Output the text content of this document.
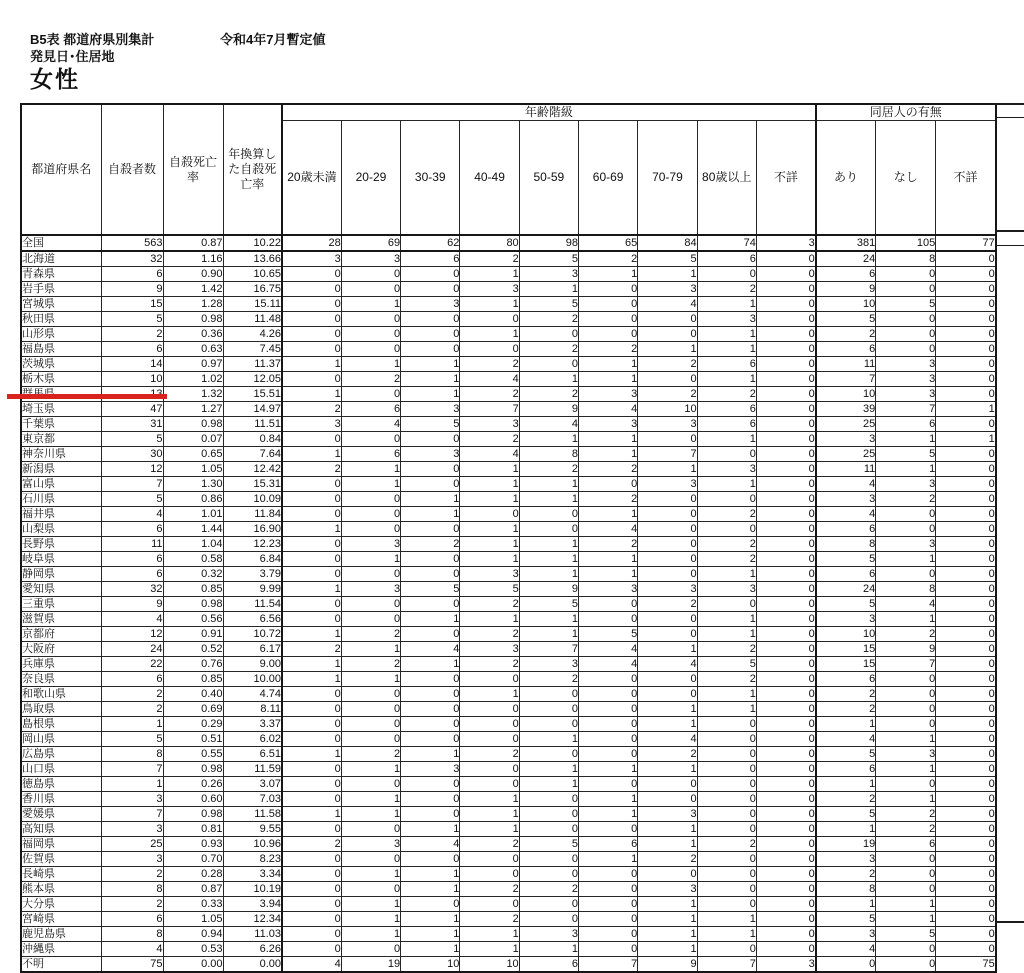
B5表 都道府県別集計	令和4年7月暫定値
発見日･住居地
女性
都道府県名	自殺者数	自殺死亡率	年換算した自殺死亡率	年齢階級									同居人の有無		
				20歳未満	20-29	30-39	40-49	50-59	60-69	70-79	80歳以上	不詳	あり	なし	不詳
全国	563	0.87	10.22	28	69	62	80	98	65	84	74	3	381	105	77
北海道	32	1.16	13.66	3	3	6	2	5	2	5	6	0	24	8	0
青森県	6	0.90	10.65	0	0	0	1	3	1	1	0	0	6	0	0
岩手県	9	1.42	16.75	0	0	0	3	1	0	3	2	0	9	0	0
宮城県	15	1.28	15.11	0	1	3	1	5	0	4	1	0	10	5	0
秋田県	5	0.98	11.48	0	0	0	0	2	0	0	3	0	5	0	0
山形県	2	0.36	4.26	0	0	0	1	0	0	0	1	0	2	0	0
福島県	6	0.63	7.45	0	0	0	0	2	2	1	1	0	6	0	0
茨城県	14	0.97	11.37	1	1	1	2	0	1	2	6	0	11	3	0
栃木県	10	1.02	12.05	0	2	1	4	1	1	0	1	0	7	3	0
		1.32	15.51	1	0	1	2	2	3	2	2	0	10	3	0
埼玉県	47	1.27	14.97	2	6	3	7	9	4	10	6	0	39	7	1
千葉県	31	0.98	11.51	3	4	5	3	4	3	3	6	0	25	6	0
東京都	5	0.07	0.84	0	0	0	2	1	1	0	1	0	3	1	1
神奈川県	30	0.65	7.64	1	6	3	4	8	1	7	0	0	25	5	0
新潟県	12	1.05	12.42	2	1	0	1	2	2	1	3	0	11	1	0
富山県	7	1.30	15.31	0	1	0	1	1	0	3	1	0	4	3	0
石川県	5	0.86	10.09	0	0	1	1	1	2	0	0	0	3	2	0
福井県	4	1.01	11.84	0	0	1	0	0	1	0	2	0	4	0	0
山梨県	6	1.44	16.90	1	0	0	1	0	4	0	0	0	6	0	0
長野県	11	1.04	12.23	0	3	2	1	1	2	0	2	0	8	3	0
岐阜県	6	0.58	6.84	0	1	0	1	1	1	0	2	0	5	1	0
静岡県	6	0.32	3.79	0	0	0	3	1	1	0	1	0	6	0	0
愛知県	32	0.85	9.99	1	3	5	5	9	3	3	3	0	24	8	0
三重県	9	0.98	11.54	0	0	0	2	5	0	2	0	0	5	4	0
滋賀県	4	0.56	6.56	0	0	1	1	1	0	0	1	0	3	1	0
京都府	12	0.91	10.72	1	2	0	2	1	5	0	1	0	10	2	0
大阪府	24	0.52	6.17	2	1	4	3	7	4	1	2	0	15	9	0
兵庫県	22	0.76	9.00	1	2	1	2	3	4	4	5	0	15	7	0
奈良県	6	0.85	10.00	1	1	0	0	2	0	0	2	0	6	0	0
和歌山県	2	0.40	4.74	0	0	0	1	0	0	0	1	0	2	0	0
鳥取県	2	0.69	8.11	0	0	0	0	0	0	1	1	0	2	0	0
島根県	1	0.29	3.37	0	0	0	0	0	0	1	0	0	1	0	0
岡山県	5	0.51	6.02	0	0	0	0	1	0	4	0	0	4	1	0
広島県	8	0.55	6.51	1	2	1	2	0	0	2	0	0	5	3	0
山口県	7	0.98	11.59	0	1	3	0	1	1	1	0	0	6	1	0
徳島県	1	0.26	3.07	0	0	0	0	1	0	0	0	0	1	0	0
香川県	3	0.60	7.03	0	1	0	1	0	1	0	0	0	2	1	0
愛媛県	7	0.98	11.58	1	1	0	1	0	1	3	0	0	5	2	0
高知県	3	0.81	9.55	0	0	1	1	0	0	1	0	0	1	2	0
福岡県	25	0.93	10.96	2	3	4	2	5	6	1	2	0	19	6	0
佐賀県	3	0.70	8.23	0	0	0	0	0	1	2	0	0	3	0	0
長崎県	2	0.28	3.34	0	1	1	0	0	0	0	0	0	2	0	0
熊本県	8	0.87	10.19	0	0	1	2	2	0	3	0	0	8	0	0
大分県	2	0.33	3.94	0	1	0	0	0	0	1	0	0	1	1	0
宮崎県	6	1.05	12.34	0	1	1	2	0	0	1	1	0	5	1	0
鹿児島県	8	0.94	11.03	0	1	1	1	3	0	1	1	0	3	5	0
沖縄県	4	0.53	6.26	0	0	1	1	1	0	1	0	0	4	0	0
不明	75	0.00	0.00	4	19	10	10	6	7	9	7	3	0	0	75
